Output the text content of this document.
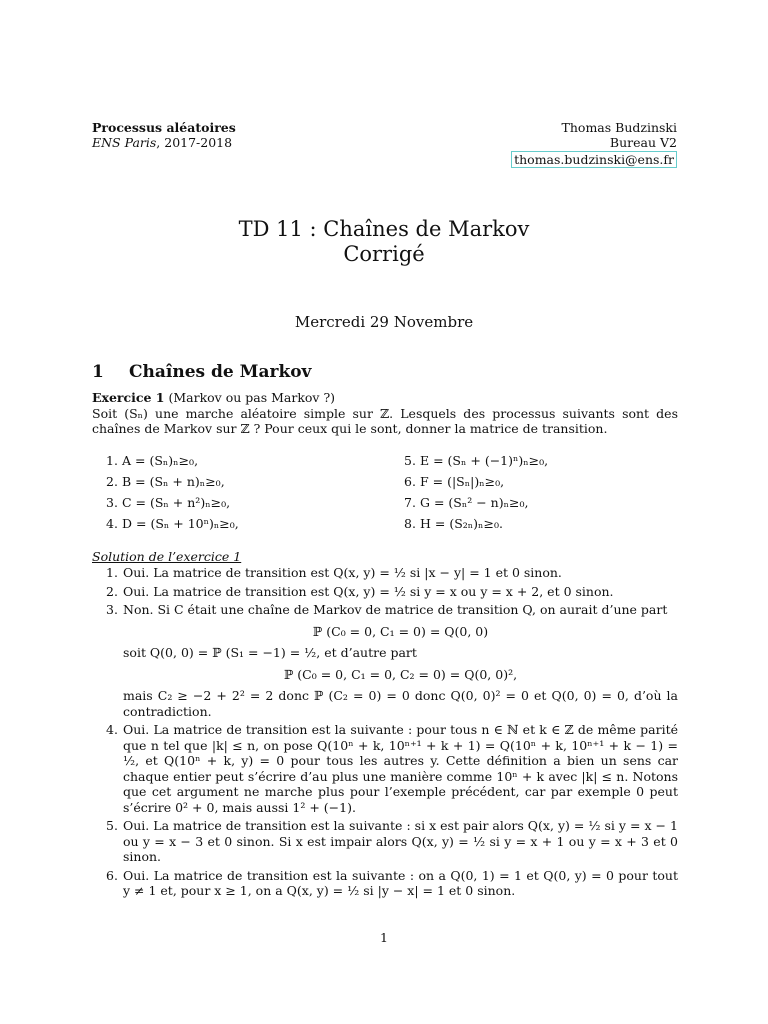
Processus aléatoires
ENS Paris, 2017-2018
Thomas Budzinski
Bureau V2
thomas.budzinski@ens.fr
TD 11 : Chaînes de Markov
Corrigé
Mercredi 29 Novembre
1 Chaînes de Markov
Exercice 1 (Markov ou pas Markov ?)
Soit (Sₙ) une marche aléatoire simple sur ℤ. Lesquels des processus suivants sont des chaînes de Markov sur ℤ ? Pour ceux qui le sont, donner la matrice de transition.
1. A = (Sₙ)ₙ≥₀,
2. B = (Sₙ + n)ₙ≥₀,
3. C = (Sₙ + n²)ₙ≥₀,
4. D = (Sₙ + 10ⁿ)ₙ≥₀,
5. E = (Sₙ + (−1)ⁿ)ₙ≥₀,
6. F = (|Sₙ|)ₙ≥₀,
7. G = (Sₙ² − n)ₙ≥₀,
8. H = (S₂ₙ)ₙ≥₀.
Solution de l’exercice 1
1. Oui. La matrice de transition est Q(x, y) = ½ si |x − y| = 1 et 0 sinon.
2. Oui. La matrice de transition est Q(x, y) = ½ si y = x ou y = x + 2, et 0 sinon.
3. Non. Si C était une chaîne de Markov de matrice de transition Q, on aurait d’une part
ℙ (C₀ = 0, C₁ = 0) = Q(0, 0)
soit Q(0, 0) = ℙ (S₁ = −1) = ½, et d’autre part
ℙ (C₀ = 0, C₁ = 0, C₂ = 0) = Q(0, 0)²,
mais C₂ ≥ −2 + 2² = 2 donc ℙ (C₂ = 0) = 0 donc Q(0, 0)² = 0 et Q(0, 0) = 0, d’où la contradiction.
4. Oui. La matrice de transition est la suivante : pour tous n ∈ ℕ et k ∈ ℤ de même parité que n tel que |k| ≤ n, on pose Q(10ⁿ + k, 10ⁿ⁺¹ + k + 1) = Q(10ⁿ + k, 10ⁿ⁺¹ + k − 1) = ½, et Q(10ⁿ + k, y) = 0 pour tous les autres y. Cette définition a bien un sens car chaque entier peut s’écrire d’au plus une manière comme 10ⁿ + k avec |k| ≤ n. Notons que cet argument ne marche plus pour l’exemple précédent, car par exemple 0 peut s’écrire 0² + 0, mais aussi 1² + (−1).
5. Oui. La matrice de transition est la suivante : si x est pair alors Q(x, y) = ½ si y = x − 1 ou y = x − 3 et 0 sinon. Si x est impair alors Q(x, y) = ½ si y = x + 1 ou y = x + 3 et 0 sinon.
6. Oui. La matrice de transition est la suivante : on a Q(0, 1) = 1 et Q(0, y) = 0 pour tout y ≠ 1 et, pour x ≥ 1, on a Q(x, y) = ½ si |y − x| = 1 et 0 sinon.
1
